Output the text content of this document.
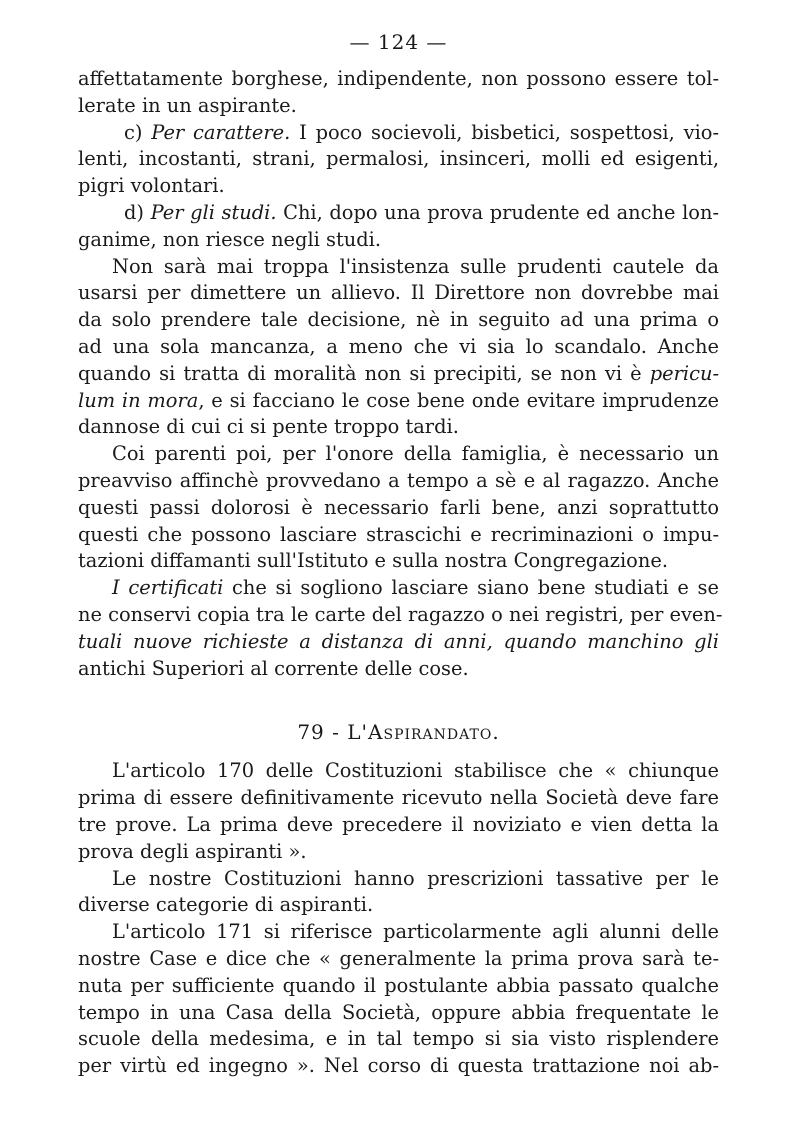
— 124 —
affettatamente borghese, indipendente, non possono essere tol-
lerate in un aspirante.
c) Per carattere. I poco socievoli, bisbetici, sospettosi, vio-
lenti, incostanti, strani, permalosi, insinceri, molli ed esigenti,
pigri volontari.
d) Per gli studi. Chi, dopo una prova prudente ed anche lon-
ganime, non riesce negli studi.
Non sarà mai troppa l'insistenza sulle prudenti cautele da
usarsi per dimettere un allievo. Il Direttore non dovrebbe mai
da solo prendere tale decisione, nè in seguito ad una prima o
ad una sola mancanza, a meno che vi sia lo scandalo. Anche
quando si tratta di moralità non si precipiti, se non vi è pericu-
lum in mora, e si facciano le cose bene onde evitare imprudenze
dannose di cui ci si pente troppo tardi.
Coi parenti poi, per l'onore della famiglia, è necessario un
preavviso affinchè provvedano a tempo a sè e al ragazzo. Anche
questi passi dolorosi è necessario farli bene, anzi soprattutto
questi che possono lasciare strascichi e recriminazioni o impu-
tazioni diffamanti sull'Istituto e sulla nostra Congregazione.
I certificati che si sogliono lasciare siano bene studiati e se
ne conservi copia tra le carte del ragazzo o nei registri, per even-
tuali nuove richieste a distanza di anni, quando manchino gli
antichi Superiori al corrente delle cose.
79 - L'Aspirandato.
L'articolo 170 delle Costituzioni stabilisce che « chiunque
prima di essere definitivamente ricevuto nella Società deve fare
tre prove. La prima deve precedere il noviziato e vien detta la
prova degli aspiranti ».
Le nostre Costituzioni hanno prescrizioni tassative per le
diverse categorie di aspiranti.
L'articolo 171 si riferisce particolarmente agli alunni delle
nostre Case e dice che « generalmente la prima prova sarà te-
nuta per sufficiente quando il postulante abbia passato qualche
tempo in una Casa della Società, oppure abbia frequentate le
scuole della medesima, e in tal tempo si sia visto risplendere
per virtù ed ingegno ». Nel corso di questa trattazione noi ab-
